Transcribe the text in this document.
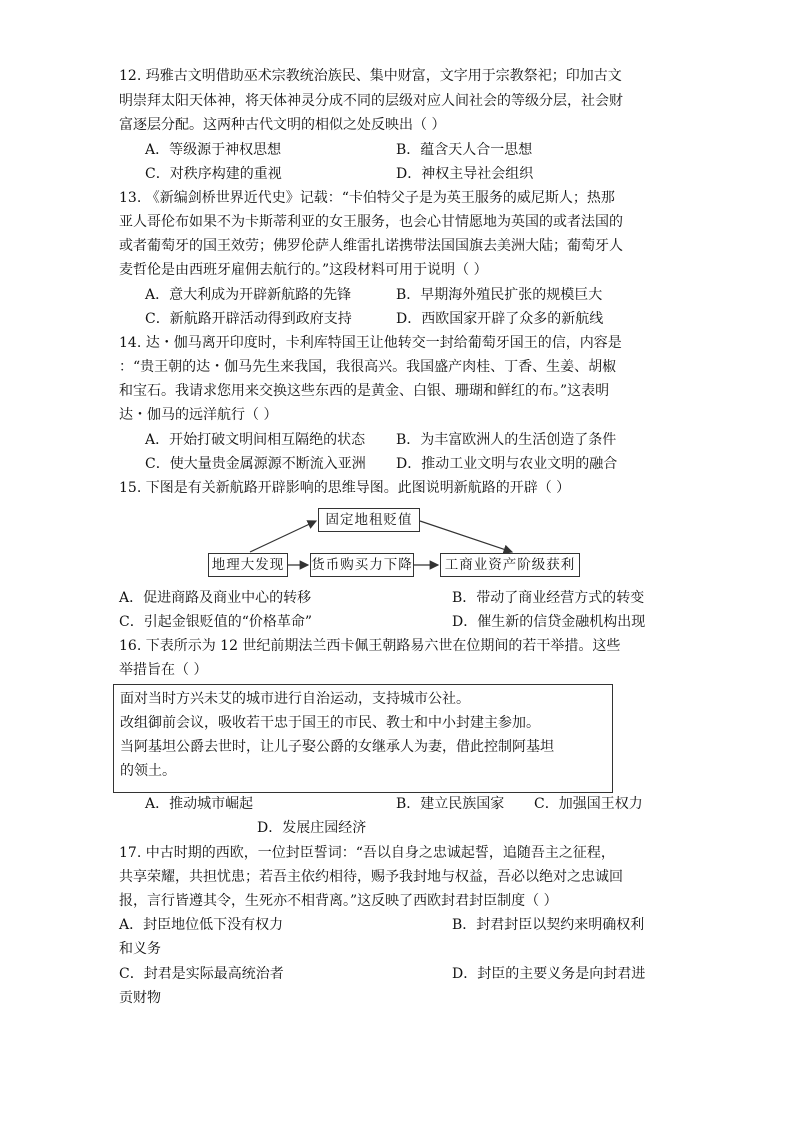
12. 玛雅古文明借助巫术宗教统治族民、集中财富，文字用于宗教祭祀；印加古文
明崇拜太阳天体神，将天体神灵分成不同的层级对应人间社会的等级分层，社会财
富逐层分配。这两种古代文明的相似之处反映出（ ）
A．等级源于神权思想	B．蕴含天人合一思想
C．对秩序构建的重视	D．神权主导社会组织
13. 《新编剑桥世界近代史》记载：“卡伯特父子是为英王服务的威尼斯人；热那
亚人哥伦布如果不为卡斯蒂利亚的女王服务，也会心甘情愿地为英国的或者法国的
或者葡萄牙的国王效劳；佛罗伦萨人维雷扎诺携带法国国旗去美洲大陆；葡萄牙人
麦哲伦是由西班牙雇佣去航行的。”这段材料可用于说明（ ）
A．意大利成为开辟新航路的先锋	B．早期海外殖民扩张的规模巨大
C．新航路开辟活动得到政府支持	D．西欧国家开辟了众多的新航线
14. 达・伽马离开印度时，卡利库特国王让他转交一封给葡萄牙国王的信，内容是
：“贵王朝的达・伽马先生来我国，我很高兴。我国盛产肉桂、丁香、生姜、胡椒
和宝石。我请求您用来交换这些东西的是黄金、白银、珊瑚和鲜红的布。”这表明
达・伽马的远洋航行（ ）
A．开始打破文明间相互隔绝的状态 B．为丰富欧洲人的生活创造了条件
C．使大量贵金属源源不断流入亚洲 D．推动工业文明与农业文明的融合
15. 下图是有关新航路开辟影响的思维导图。此图说明新航路的开辟（ ）
固定地租贬值
地理大发现 货币购买力下降	工商业资产阶级获利
A．促进商路及商业中心的转移	B．带动了商业经营方式的转变
C．引起金银贬值的“价格革命”	D．催生新的信贷金融机构出现
16. 下表所示为 12 世纪前期法兰西卡佩王朝路易六世在位期间的若干举措。这些
举措旨在（ ）
面对当时方兴未艾的城市进行自治运动，支持城市公社。
改组御前会议，吸收若干忠于国王的市民、教士和中小封建主参加。
当阿基坦公爵去世时，让儿子娶公爵的女继承人为妻，借此控制阿基坦
的领土。
A．推动城市崛起	B．建立民族国家 C．加强国王权力
D．发展庄园经济
17. 中古时期的西欧，一位封臣誓词：“吾以自身之忠诚起誓，追随吾主之征程，
共享荣耀，共担忧患；若吾主依约相待，赐予我封地与权益，吾必以绝对之忠诚回
报，言行皆遵其令，生死亦不相背离。”这反映了西欧封君封臣制度（ ）
A．封臣地位低下没有权力	B．封君封臣以契约来明确权利
和义务
C．封君是实际最高统治者	D．封臣的主要义务是向封君进
贡财物
